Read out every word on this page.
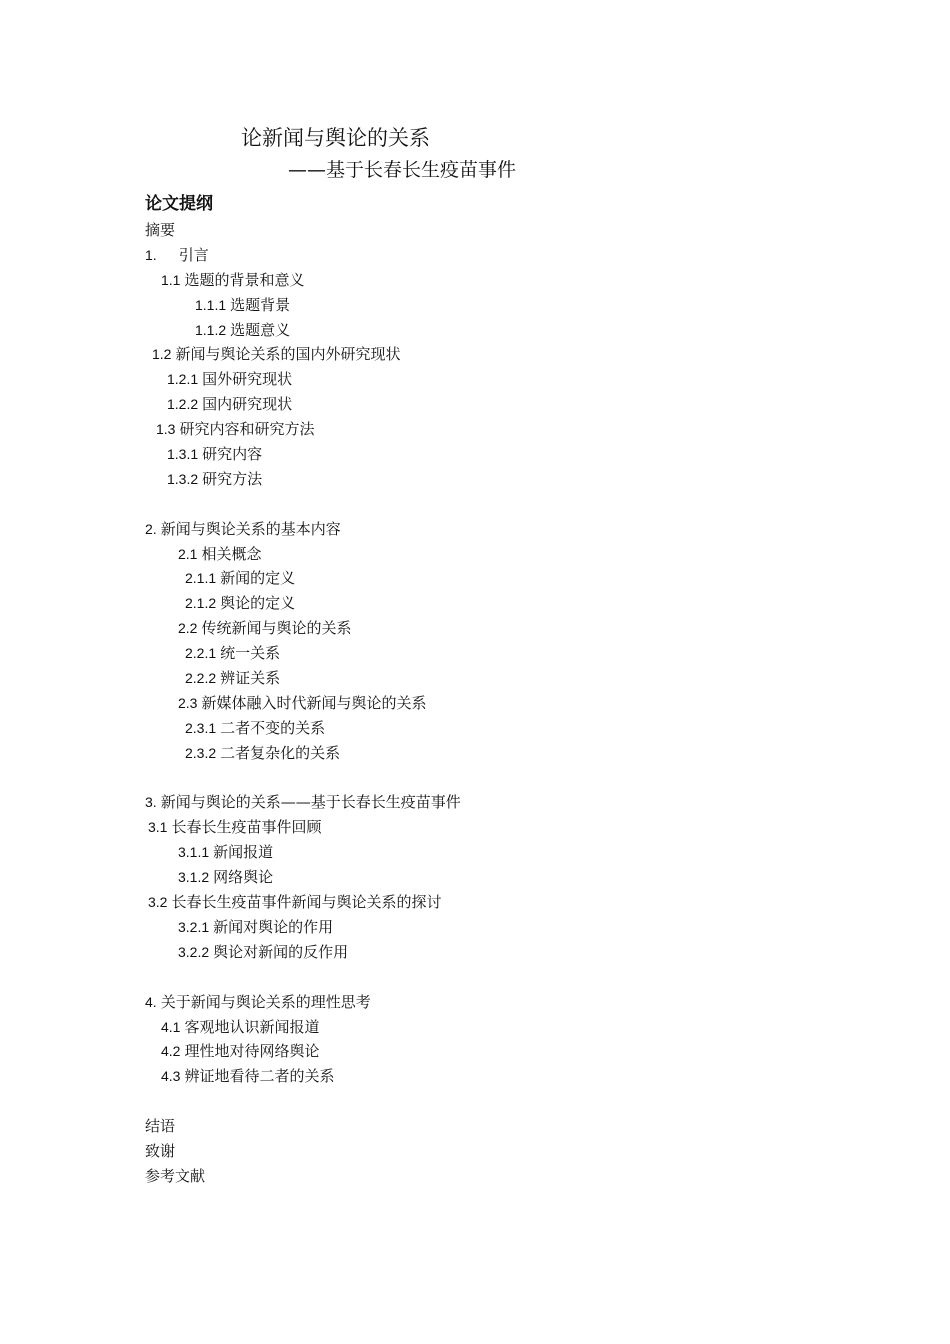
论新闻与舆论的关系
——基于长春长生疫苗事件
论文提纲
摘要
1. 引言
1.1 选题的背景和意义
1.1.1 选题背景
1.1.2 选题意义
1.2 新闻与舆论关系的国内外研究现状
1.2.1 国外研究现状
1.2.2 国内研究现状
1.3 研究内容和研究方法
1.3.1 研究内容
1.3.2 研究方法
2. 新闻与舆论关系的基本内容
2.1 相关概念
2.1.1 新闻的定义
2.1.2 舆论的定义
2.2 传统新闻与舆论的关系
2.2.1 统一关系
2.2.2 辨证关系
2.3 新媒体融入时代新闻与舆论的关系
2.3.1 二者不变的关系
2.3.2 二者复杂化的关系
3. 新闻与舆论的关系——基于长春长生疫苗事件
3.1 长春长生疫苗事件回顾
3.1.1 新闻报道
3.1.2 网络舆论
3.2 长春长生疫苗事件新闻与舆论关系的探讨
3.2.1 新闻对舆论的作用
3.2.2 舆论对新闻的反作用
4. 关于新闻与舆论关系的理性思考
4.1 客观地认识新闻报道
4.2 理性地对待网络舆论
4.3 辨证地看待二者的关系
结语
致谢
参考文献
